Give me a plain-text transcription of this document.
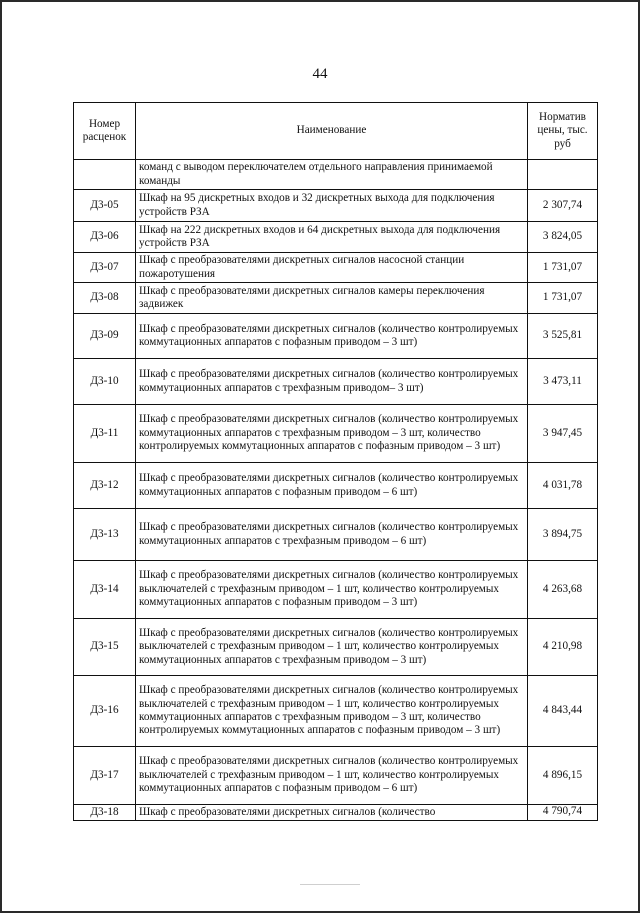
44
Номер расценок	Наименование	Норматив цены, тыс. руб
	команд с выводом переключателем отдельного направления принимаемой команды	
Д3-05	Шкаф на 95 дискретных входов и 32 дискретных выхода для подключения устройств РЗА	2 307,74
Д3-06	Шкаф на 222 дискретных входов и 64 дискретных выхода для подключения устройств РЗА	3 824,05
Д3-07	Шкаф с преобразователями дискретных сигналов насосной станции пожаротушения	1 731,07
Д3-08	Шкаф с преобразователями дискретных сигналов камеры переключения задвижек	1 731,07
Д3-09	Шкаф с преобразователями дискретных сигналов (количество контролируемых коммутационных аппаратов с пофазным приводом – 3 шт)	3 525,81
Д3-10	Шкаф с преобразователями дискретных сигналов (количество контролируемых коммутационных аппаратов с трехфазным приводом– 3 шт)	3 473,11
Д3-11	Шкаф с преобразователями дискретных сигналов (количество контролируемых коммутационных аппаратов с трехфазным приводом – 3 шт, количество контролируемых коммутационных аппаратов с пофазным приводом – 3 шт)	3 947,45
Д3-12	Шкаф с преобразователями дискретных сигналов (количество контролируемых коммутационных аппаратов с пофазным приводом – 6 шт)	4 031,78
Д3-13	Шкаф с преобразователями дискретных сигналов (количество контролируемых коммутационных аппаратов с трехфазным приводом – 6 шт)	3 894,75
Д3-14	Шкаф с преобразователями дискретных сигналов (количество контролируемых выключателей с трехфазным приводом – 1 шт, количество контролируемых коммутационных аппаратов с пофазным приводом – 3 шт)	4 263,68
Д3-15	Шкаф с преобразователями дискретных сигналов (количество контролируемых выключателей с трехфазным приводом – 1 шт, количество контролируемых коммутационных аппаратов с трехфазным приводом – 3 шт)	4 210,98
Д3-16	Шкаф с преобразователями дискретных сигналов (количество контролируемых выключателей с трехфазным приводом – 1 шт, количество контролируемых коммутационных аппаратов с трехфазным приводом – 3 шт, количество контролируемых коммутационных аппаратов с пофазным приводом – 3 шт)	4 843,44
Д3-17	Шкаф с преобразователями дискретных сигналов (количество контролируемых выключателей с трехфазным приводом – 1 шт, количество контролируемых коммутационных аппаратов с пофазным приводом – 6 шт)	4 896,15
Д3-18	Шкаф с преобразователями дискретных сигналов (количество	4 790,74
